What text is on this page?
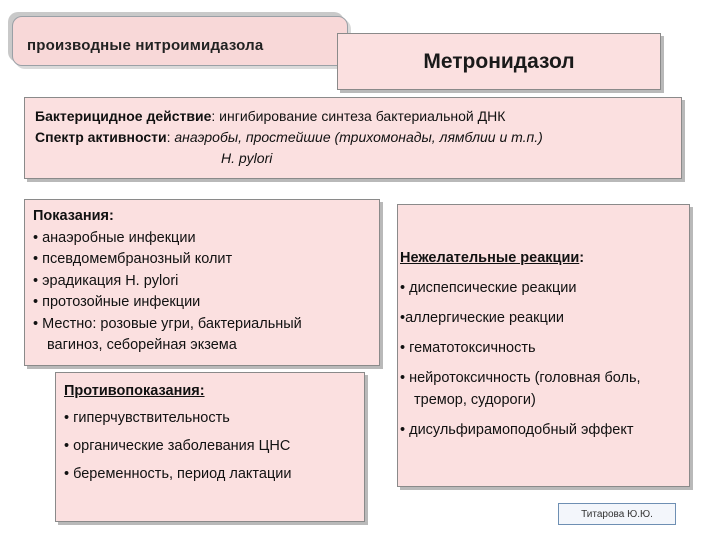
производные нитроимидазола
Метронидазол
Бактерицидное действие: ингибирование синтеза бактериальной ДНК
Спектр активности: анаэробы, простейшие (трихомонады, лямблии и т.п.)
H. pylori
Показания:
• анаэробные инфекции
• псевдомембранозный колит
• эрадикация H. pylori
• протозойные инфекции
• Местно: розовые угри, бактериальный
вагиноз, себорейная экзема
Противопоказания:
• гиперчувствительность
• органические заболевания ЦНС
• беременность, период лактации
Нежелательные реакции:
• диспепсические реакции
•аллергические реакции
• гематотоксичность
• нейротоксичность (головная боль,
тремор, судороги)
• дисульфирамоподобный эффект
Титарова Ю.Ю.
